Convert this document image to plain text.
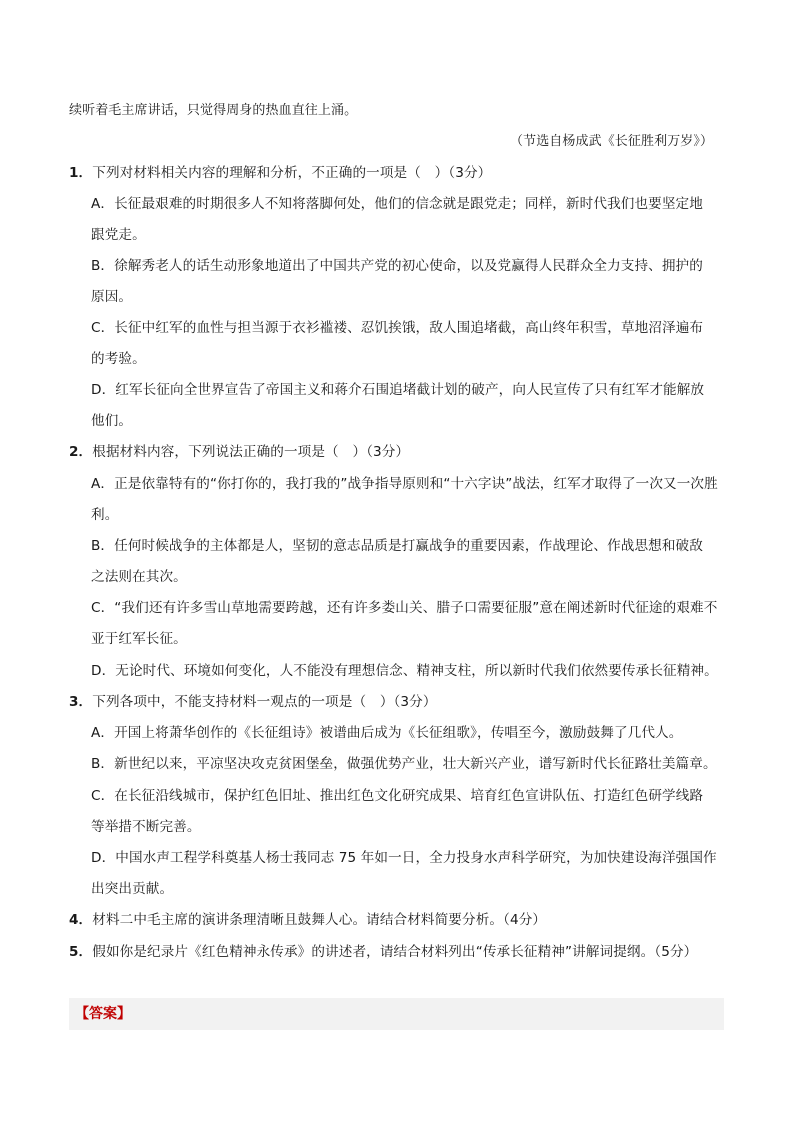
续听着毛主席讲话，只觉得周身的热血直往上涌。
（节选自杨成武《长征胜利万岁》）
1．下列对材料相关内容的理解和分析，不正确的一项是（　）（3分）
A．长征最艰难的时期很多人不知将落脚何处，他们的信念就是跟党走；同样，新时代我们也要坚定地
跟党走。
B．徐解秀老人的话生动形象地道出了中国共产党的初心使命，以及党赢得人民群众全力支持、拥护的
原因。
C．长征中红军的血性与担当源于衣衫褴褛、忍饥挨饿，敌人围追堵截，高山终年积雪，草地沼泽遍布
的考验。
D．红军长征向全世界宣告了帝国主义和蒋介石围追堵截计划的破产，向人民宣传了只有红军才能解放
他们。
2．根据材料内容，下列说法正确的一项是（　）（3分）
A．正是依靠特有的“你打你的，我打我的”战争指导原则和“十六字诀”战法，红军才取得了一次又一次胜
利。
B．任何时候战争的主体都是人，坚韧的意志品质是打赢战争的重要因素，作战理论、作战思想和破敌
之法则在其次。
C．“我们还有许多雪山草地需要跨越，还有许多娄山关、腊子口需要征服”意在阐述新时代征途的艰难不
亚于红军长征。
D．无论时代、环境如何变化，人不能没有理想信念、精神支柱，所以新时代我们依然要传承长征精神。
3．下列各项中，不能支持材料一观点的一项是（　）（3分）
A．开国上将萧华创作的《长征组诗》被谱曲后成为《长征组歌》，传唱至今，激励鼓舞了几代人。
B．新世纪以来，平凉坚决攻克贫困堡垒，做强优势产业，壮大新兴产业，谱写新时代长征路壮美篇章。
C．在长征沿线城市，保护红色旧址、推出红色文化研究成果、培育红色宣讲队伍、打造红色研学线路
等举措不断完善。
D．中国水声工程学科奠基人杨士莪同志 75 年如一日，全力投身水声科学研究，为加快建设海洋强国作
出突出贡献。
4．材料二中毛主席的演讲条理清晰且鼓舞人心。请结合材料简要分析。（4分）
5．假如你是纪录片《红色精神永传承》的讲述者，请结合材料列出“传承长征精神”讲解词提纲。（5分）
【答案】
